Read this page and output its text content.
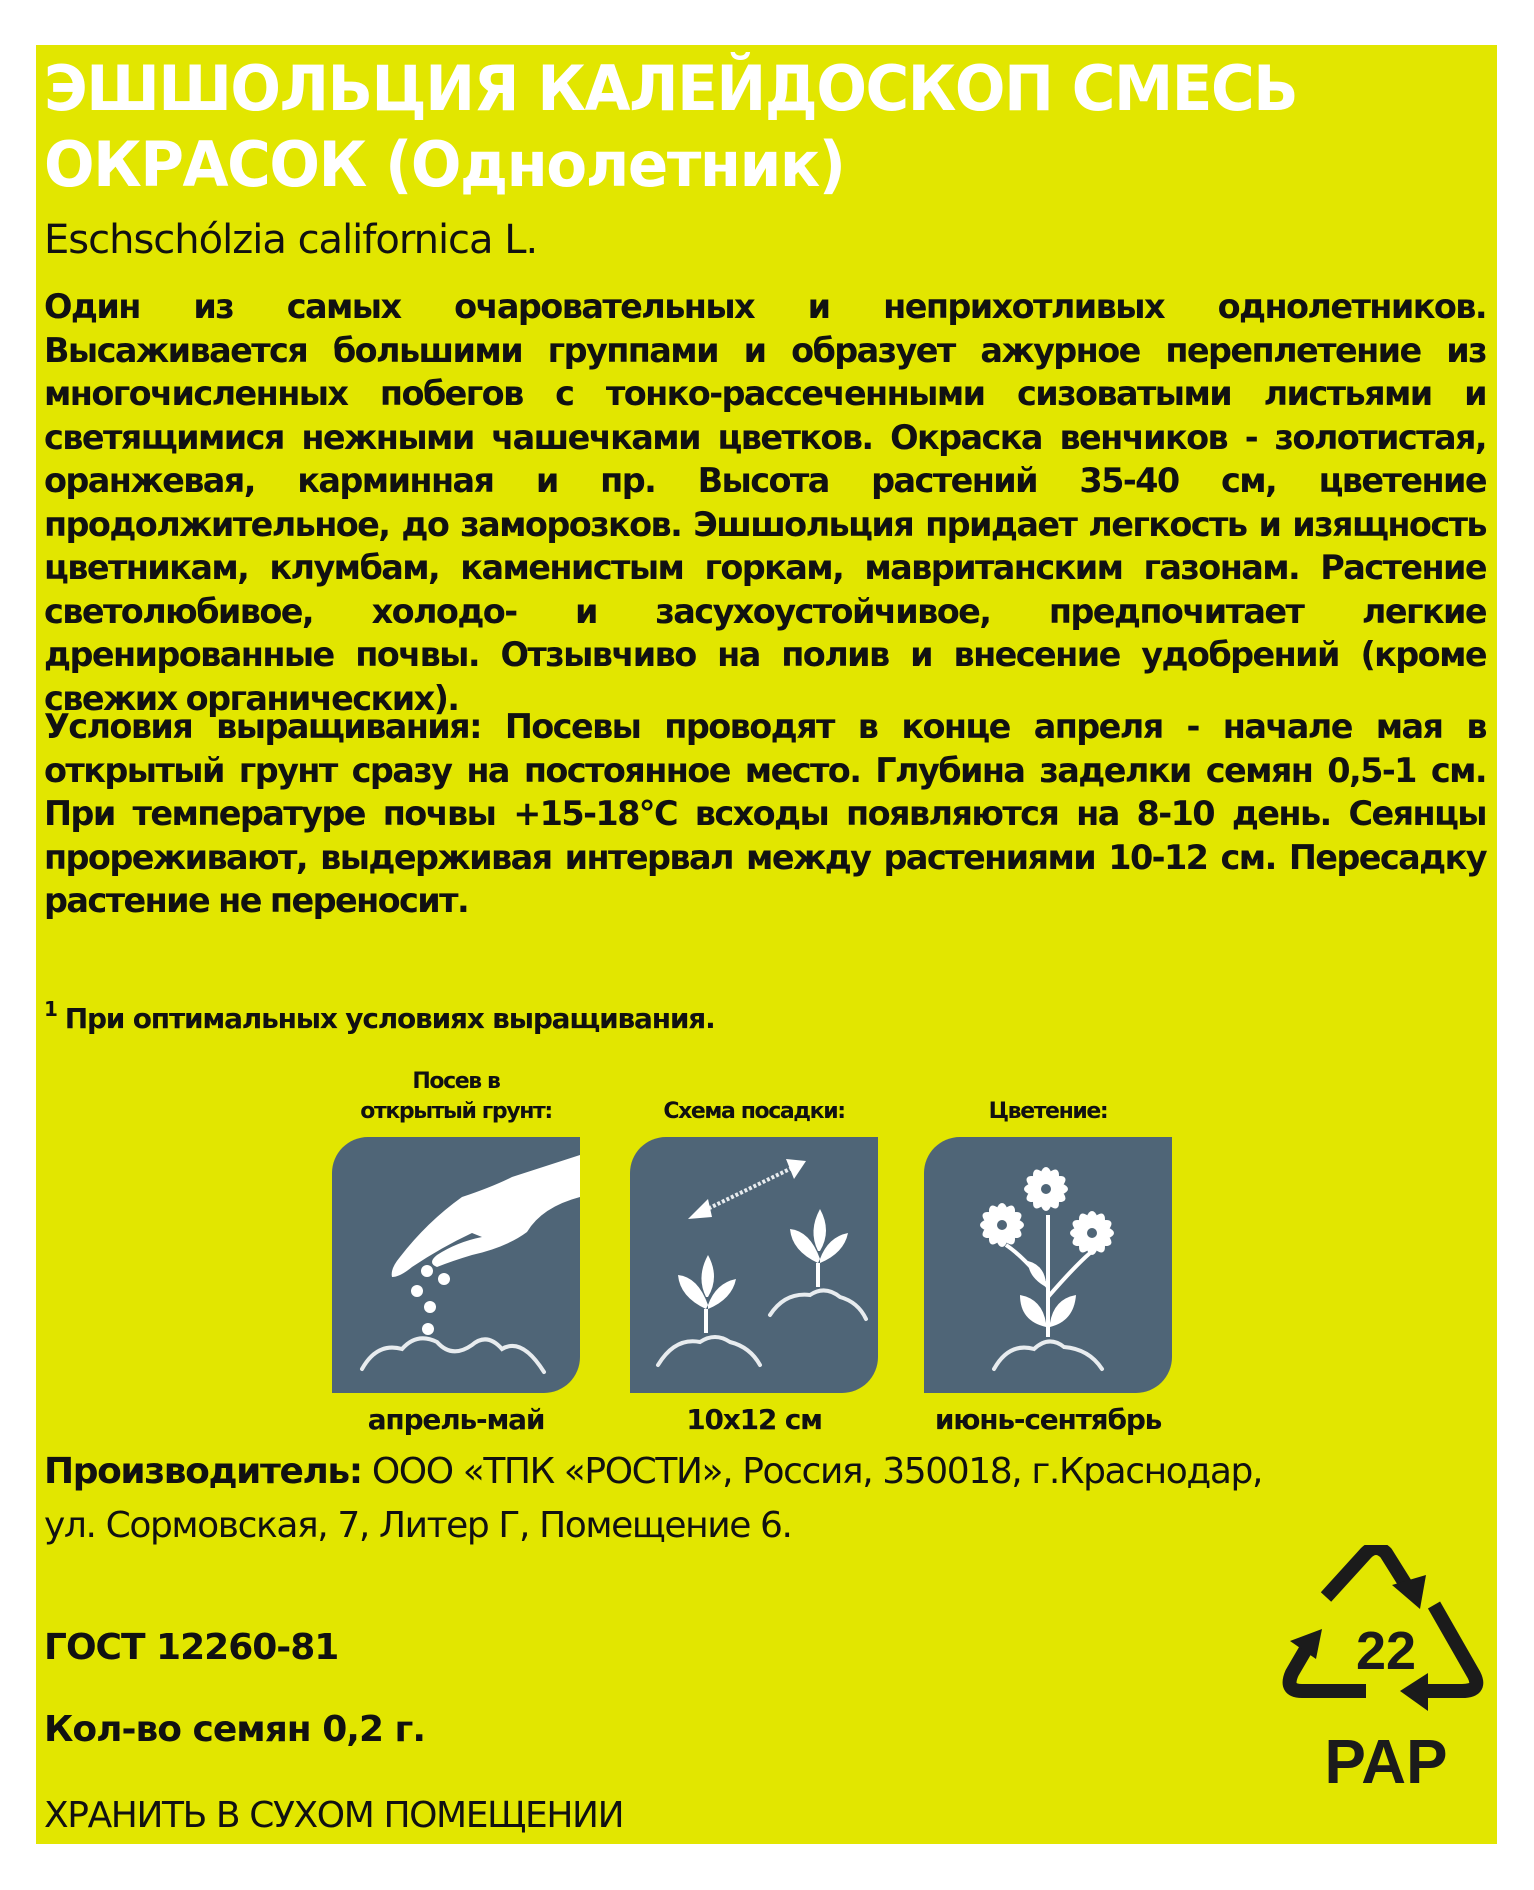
ЭШШОЛЬЦИЯ КАЛЕЙДОСКОП СМЕСЬ
ОКРАСОК (Однолетник)
Eschschólzia californica L.
Один из самых очаровательных и неприхотливых однолетников. Высаживается большими группами и образует ажурное переплетение из многочисленных побегов с тонко-рассеченными сизоватыми листьями и светящимися нежными чашечками цветков. Окраска венчиков - золотистая, оранжевая, карминная и пр. Высота растений 35-40 см, цветение продолжительное, до заморозков. Эшшольция придает легкость и изящность цветникам, клумбам, каменистым горкам, мавританским газонам. Растение светолюбивое, холодо- и засухоустойчивое, предпочитает легкие дренированные почвы. Отзывчиво на полив и внесение удобрений (кроме свежих органических).
Условия выращивания: Посевы проводят в конце апреля - начале мая в открытый грунт сразу на постоянное место. Глубина заделки семян 0,5-1 см. При температуре почвы +15-18°С всходы появляются на 8-10 день. Сеянцы прореживают, выдерживая интервал между растениями 10-12 см. Пересадку растение не переносит.
$^1$ При оптимальных условиях выращивания.
Посев в
открытый грунт:
апрель-май
Схема посадки:
10x12 см
Цветение:
июнь-сентябрь
Производитель: ООО «ТПК «РОСТИ», Россия, 350018, г.Краснодар,
ул. Сормовская, 7, Литер Г, Помещение 6.
ГОСТ 12260-81
Кол-во семян 0,2 г.
ХРАНИТЬ В СУХОМ ПОМЕЩЕНИИ
22
PAP
